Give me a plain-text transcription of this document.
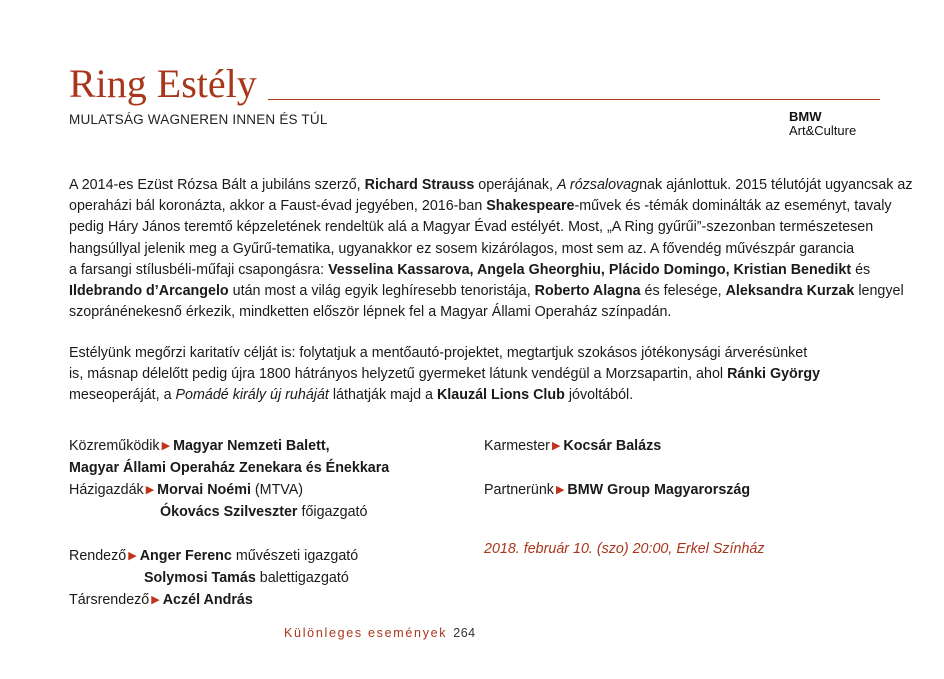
Ring Estély
MULATSÁG WAGNEREN INNEN ÉS TÚL	BMW
Art&Culture
A 2014-es Ezüst Rózsa Bált a jubiláns szerző, Richard Strauss operájának, A rózsalovagnak ajánlottuk. 2015 télutóját ugyancsak az
operaházi bál koronázta, akkor a Faust-évad jegyében, 2016-ban Shakespeare-művek és -témák dominálták az eseményt, tavaly
pedig Háry János teremtő képzeletének rendeltük alá a Magyar Évad estélyét. Most, „A Ring gyűrűi”-szezonban természetesen
hangsúllyal jelenik meg a Gyűrű-tematika, ugyanakkor ez sosem kizárólagos, most sem az. A fővendég művészpár garancia
a farsangi stílusbéli-műfaji csapongásra: Vesselina Kassarova, Angela Gheorghiu, Plácido Domingo, Kristian Benedikt és
Ildebrando d’Arcangelo után most a világ egyik leghíresebb tenoristája, Roberto Alagna és felesége, Aleksandra Kurzak lengyel
szopránénekesnő érkezik, mindketten először lépnek fel a Magyar Állami Operaház színpadán.
Estélyünk megőrzi karitatív célját is: folytatjuk a mentőautó-projektet, megtartjuk szokásos jótékonysági árverésünket
is, másnap délelőtt pedig újra 1800 hátrányos helyzetű gyermeket látunk vendégül a Morzsapartin, ahol Ránki György
meseoperáját, a Pomádé király új ruháját láthatják majd a Klauzál Lions Club jóvoltából.
Közreműködik ▶ Magyar Nemzeti Balett,
Magyar Állami Operaház Zenekara és Énekkara
Házigazdák ▶ Morvai Noémi (MTVA)
Ókovács Szilveszter főigazgató
Rendező ▶ Anger Ferenc művészeti igazgató
Solymosi Tamás balettigazgató
Társrendező ▶ Aczél András
Karmester ▶ Kocsár Balázs
Partnerünk ▶ BMW Group Magyarország
2018. február 10. (szo) 20:00, Erkel Színház
Különleges események 264
